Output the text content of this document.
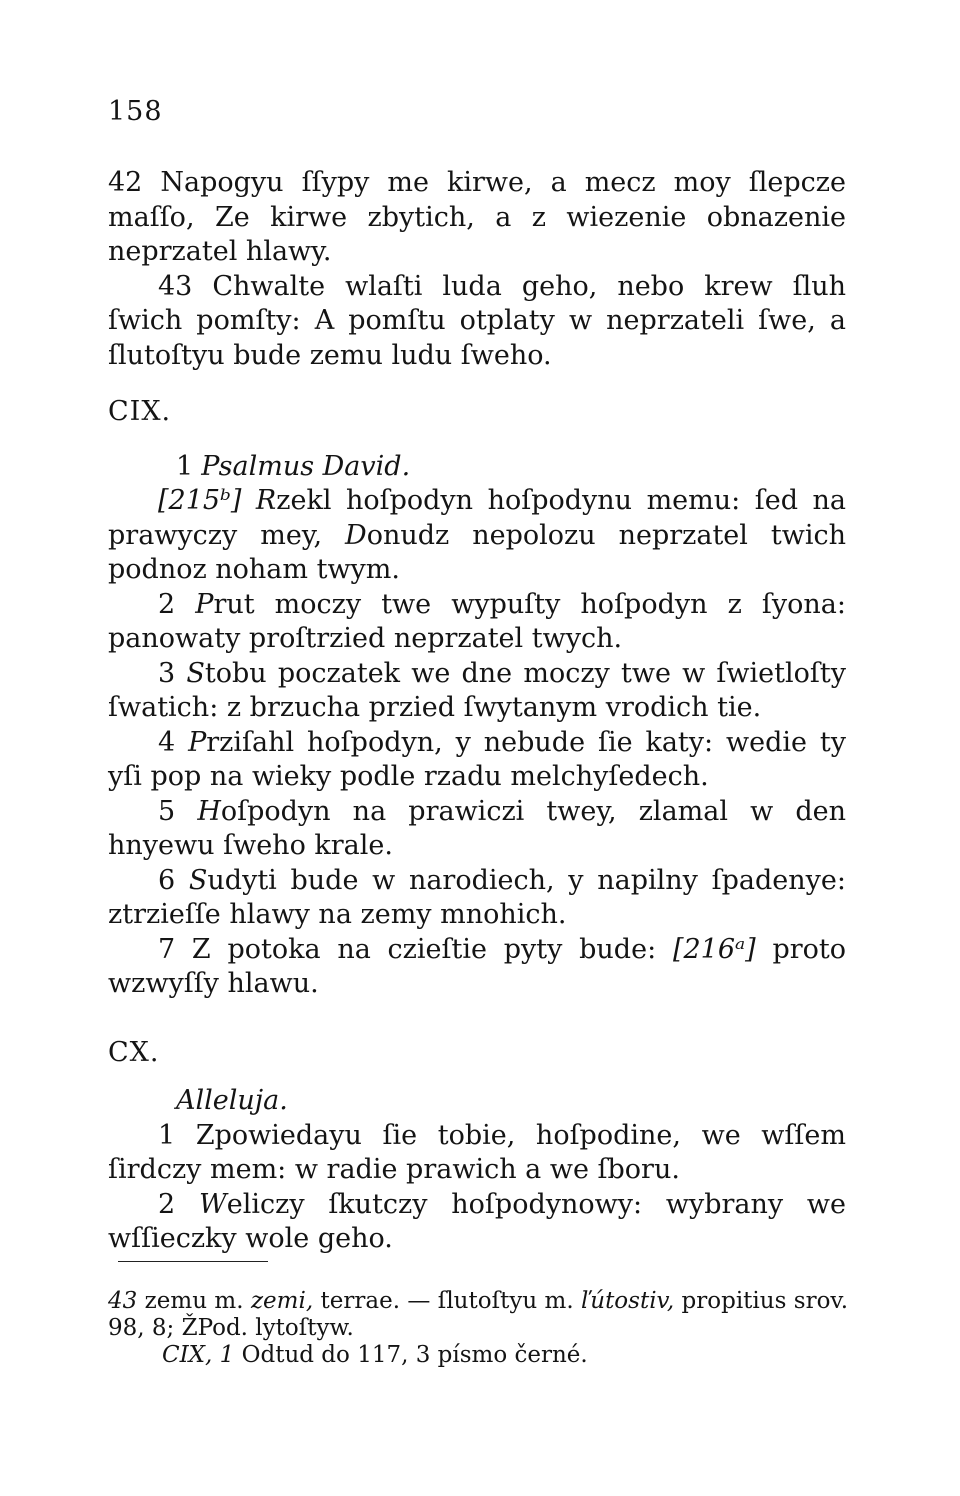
158

42 Napogyu ſſypy me kirwe, a mecz moy ſlepcze maſſo, Ze kirwe zbytich, a z wiezenie obnazenie neprzatel hlawy.

43 Chwalte wlaſti luda geho, nebo krew ſluh ſwich pomſty: A pomſtu otplaty w neprzateli ſwe, a ſlutoſtyu bude zemu ludu ſweho.

CIX.

1 Psalmus David.

[215ᵇ] Rzekl hoſpodyn hoſpodynu memu: ſed na prawyczy mey, Donudz nepolozu neprzatel twich podnoz noham twym.

2 Prut moczy twe wypuſty hoſpodyn z ſyona: panowaty proſtrzied neprzatel twych.

3 Stobu poczatek we dne moczy twe w ſwietloſty ſwatich: z brzucha przied ſwytanym vrodich tie.

4 Prziſahl hoſpodyn, y nebude ſie katy: wedie ty yſi pop na wieky podle rzadu melchyſedech.

5 Hoſpodyn na prawiczi twey, zlamal w den hnyewu ſweho krale.

6 Sudyti bude w narodiech, y napilny ſpadenye: ztrzieſſe hlawy na zemy mnohich.

7 Z potoka na czieſtie pyty bude: [216ᵃ] proto wzwyſſy hlawu.

CX.

Alleluja.

1 Zpowiedayu ſie tobie, hoſpodine, we wſſem ſirdczy mem: w radie prawich a we ſboru.

2 Weliczy ſkutczy hoſpodynowy: wybrany we wſſieczky wole geho.

43 zemu m. zemi, terrae. — ſlutoſtyu m. ľútostiv, propitius srov. 98, 8; ŽPod. lytoſtyw.

CIX, 1 Odtud do 117, 3 písmo černé.
